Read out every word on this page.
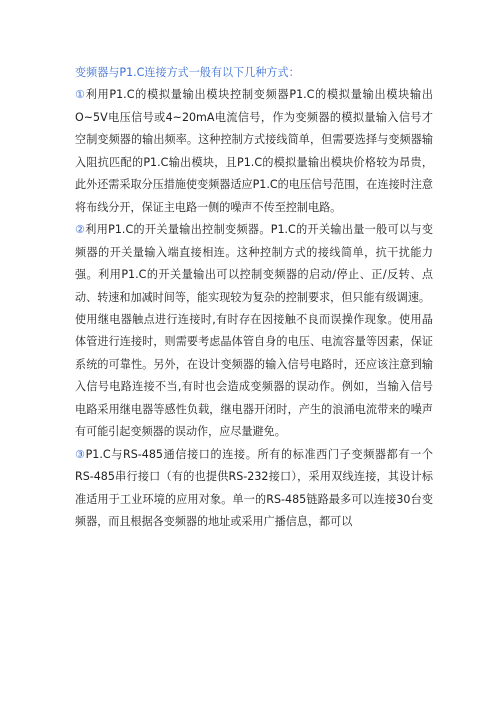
变频器与P1.C连接方式一般有以下几种方式：

①利用P1.C的模拟量输出模块控制变频器P1.C的模拟量输出模块输出O~5V电压信号或4~20mA电流信号，作为变频器的模拟量输入信号才空制变频器的输出频率。这种控制方式接线简单，但需要选择与变频器输入阻抗匹配的P1.C输出模块，且P1.C的模拟量输出模块价格较为昂贵，此外还需采取分压措施使变频器适应P1.C的电压信号范围，在连接时注意将布线分开，保证主电路一侧的噪声不传至控制电路。

②利用P1.C的开关量输出控制变频器。P1.C的开关输出量一般可以与变频器的开关量输入端直接相连。这种控制方式的接线简单，抗干扰能力强。利用P1.C的开关量输出可以控制变频器的启动/停止、正/反转、点动、转速和加减时间等，能实现较为复杂的控制要求，但只能有级调速。

使用继电器触点进行连接时,有时存在因接触不良而误操作现象。使用晶体管进行连接时，则需要考虑晶体管自身的电压、电流容量等因素，保证系统的可靠性。另外，在设计变频器的输入信号电路时，还应该注意到输入信号电路连接不当,有时也会造成变频器的误动作。例如，当输入信号电路采用继电器等感性负载，继电器开闭时，产生的浪涌电流带来的噪声有可能引起变频器的误动作，应尽量避免。

③P1.C与RS-485通信接口的连接。所有的标准西门子变频器都有一个RS-485串行接口（有的也提供RS-232接口），采用双线连接，其设计标准适用于工业环境的应用对象。单一的RS-485链路最多可以连接30台变频器，而且根据各变频器的地址或采用广播信息，都可以
